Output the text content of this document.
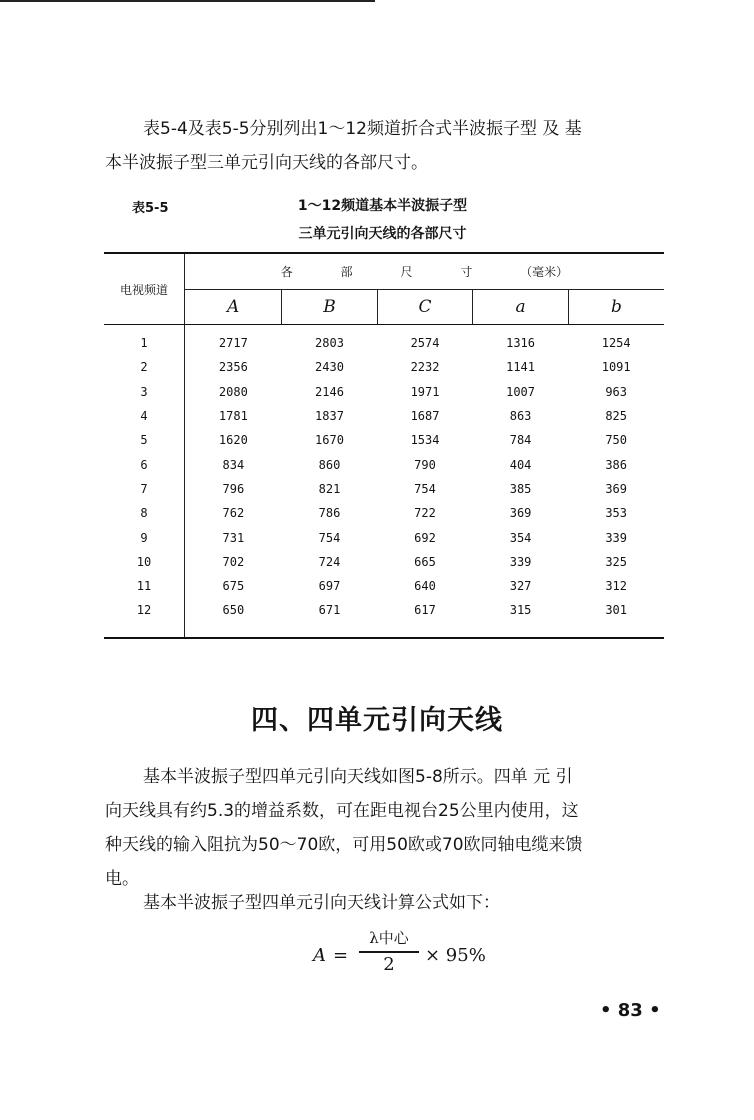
表5-4及表5-5分别列出1～12频道折合式半波振子型 及 基
本半波振子型三单元引向天线的各部尺寸。
表5-5	1～12频道基本半波振子型
三单元引向天线的各部尺寸
电视频道	各 部 尺 寸 （毫米）				
	A	B	C	a	b
1	2717	2803	2574	1316	1254
2	2356	2430	2232	1141	1091
3	2080	2146	1971	1007	963
4	1781	1837	1687	863	825
5	1620	1670	1534	784	750
6	834	860	790	404	386
7	796	821	754	385	369
8	762	786	722	369	353
9	731	754	692	354	339
10	702	724	665	339	325
11	675	697	640	327	312
12	650	671	617	315	301
四、四单元引向天线
基本半波振子型四单元引向天线如图5-8所示。四单 元 引
向天线具有约5.3的增益系数，可在距电视台25公里内使用，这
种天线的输入阻抗为50～70欧，可用50欧或70欧同轴电缆来馈
电。
基本半波振子型四单元引向天线计算公式如下：
A =
λ中心
2	× 95%
• 83 •
